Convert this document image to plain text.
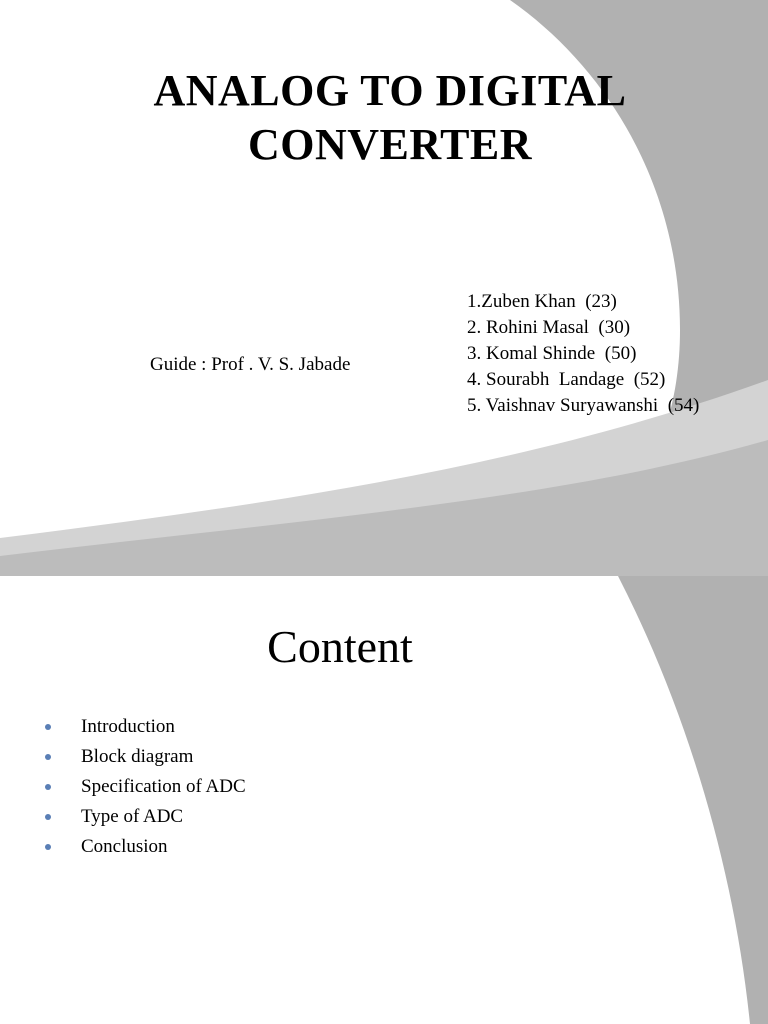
ANALOG TO DIGITAL
CONVERTER
Guide : Prof . V. S. Jabade
1.Zuben Khan  (23)
2. Rohini Masal  (30)
3. Komal Shinde  (50)
4. Sourabh  Landage  (52)
5. Vaishnav Suryawanshi  (54)
Content
Introduction
Block diagram
Specification of ADC
Type of ADC
Conclusion
